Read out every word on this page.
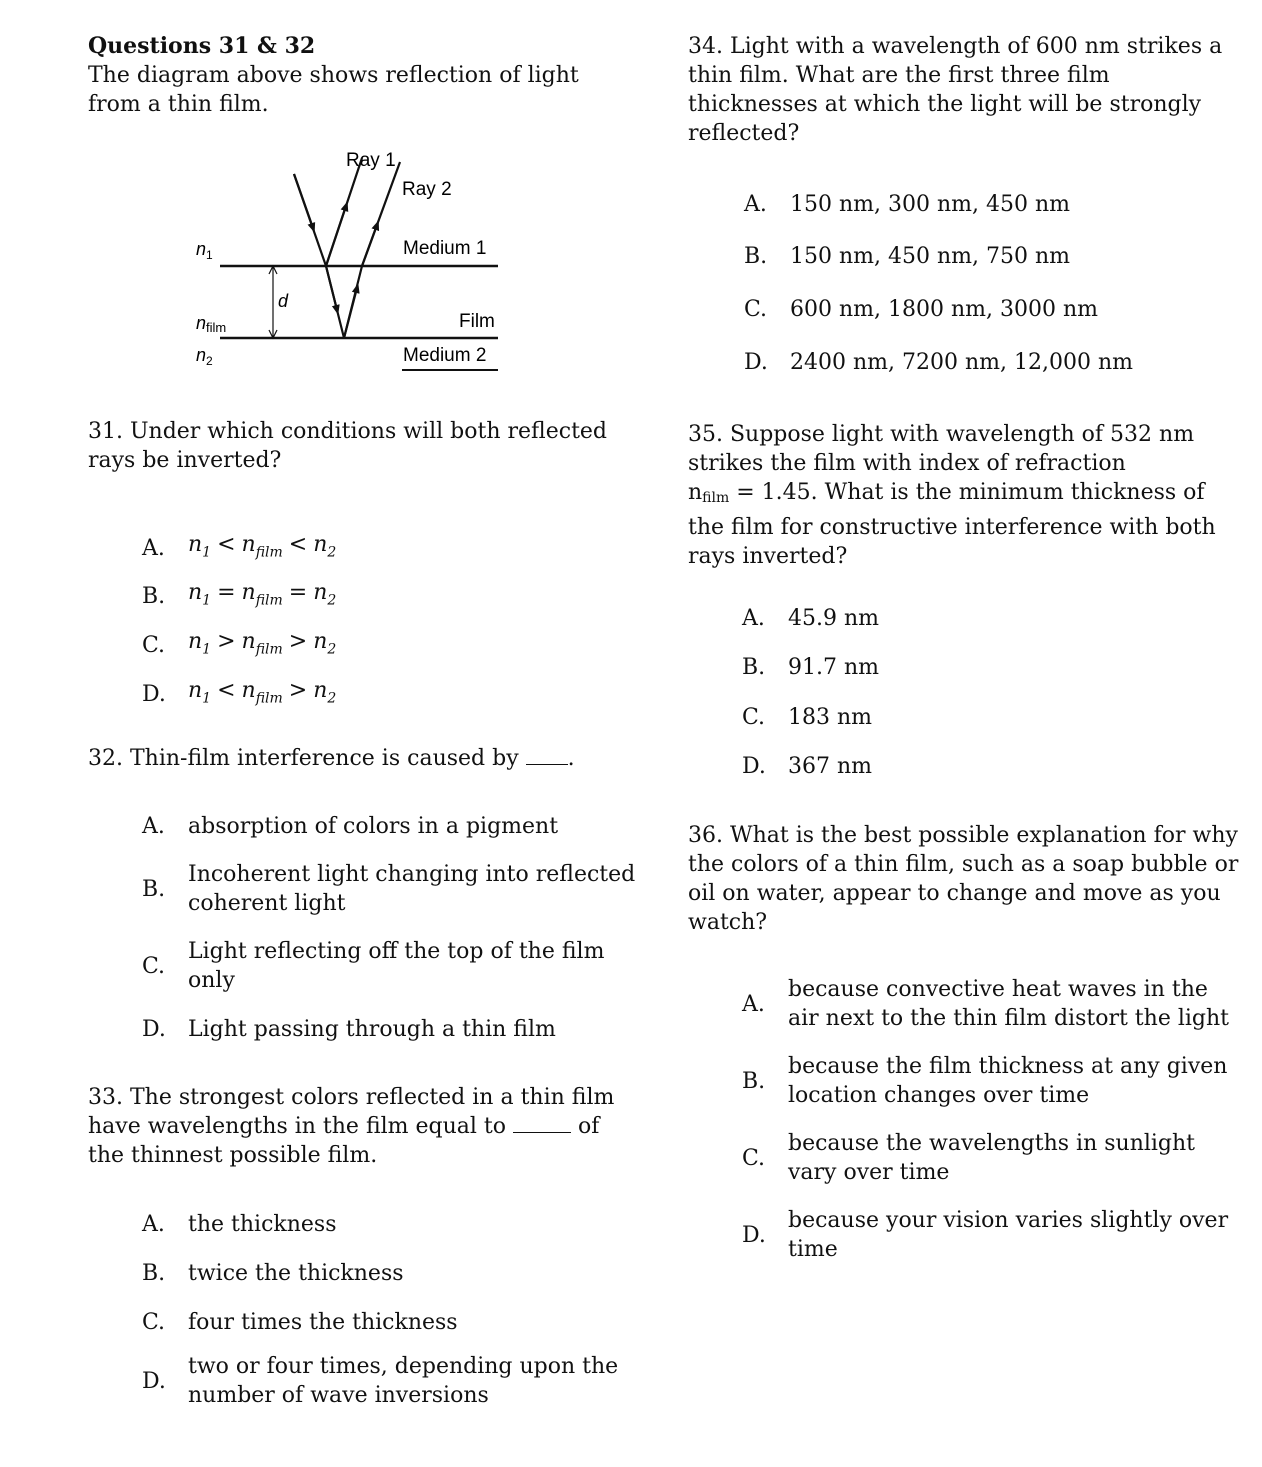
Questions 31 & 32
The diagram above shows reflection of light
from a thin film.
d
Ray 1
Ray 2
Medium 1
Film
Medium 2
$n_1$
nfilm
$n_2$
31. Under which conditions will both reflected
rays be inverted?
A.	$n_1 < n_{film} < n_2$
B.	$n_1 = n_{film} = n_2$
C.	$n_1 > n_{film} > n_2$
D.	$n_1 < n_{film} > n_2$
32. Thin-film interference is caused by .
A.	absorption of colors in a pigment
B.
Incoherent light changing into reflected
coherent light
C.
Light reflecting off the top of the film
only
D.	Light passing through a thin film
33. The strongest colors reflected in a thin film
have wavelengths in the film equal to	of
the thinnest possible film.
A.	the thickness
B.	twice the thickness
C.	four times the thickness
D.
two or four times, depending upon the
number of wave inversions
34. Light with a wavelength of 600 nm strikes a
thin film. What are the first three film
thicknesses at which the light will be strongly
reflected?
A.	150 nm, 300 nm, 450 nm
B.	150 nm, 450 nm, 750 nm
C.	600 nm, 1800 nm, 3000 nm
D.	2400 nm, 7200 nm, 12,000 nm
35. Suppose light with wavelength of 532 nm
strikes the film with index of refraction
nfilm = 1.45. What is the minimum thickness of
the film for constructive interference with both
rays inverted?
A.	45.9 nm
B.	91.7 nm
C.	183 nm
D.	367 nm
36. What is the best possible explanation for why
the colors of a thin film, such as a soap bubble or
oil on water, appear to change and move as you
watch?
A.
because convective heat waves in the
air next to the thin film distort the light
B.
because the film thickness at any given
location changes over time
C.
because the wavelengths in sunlight
vary over time
D.
because your vision varies slightly over
time
